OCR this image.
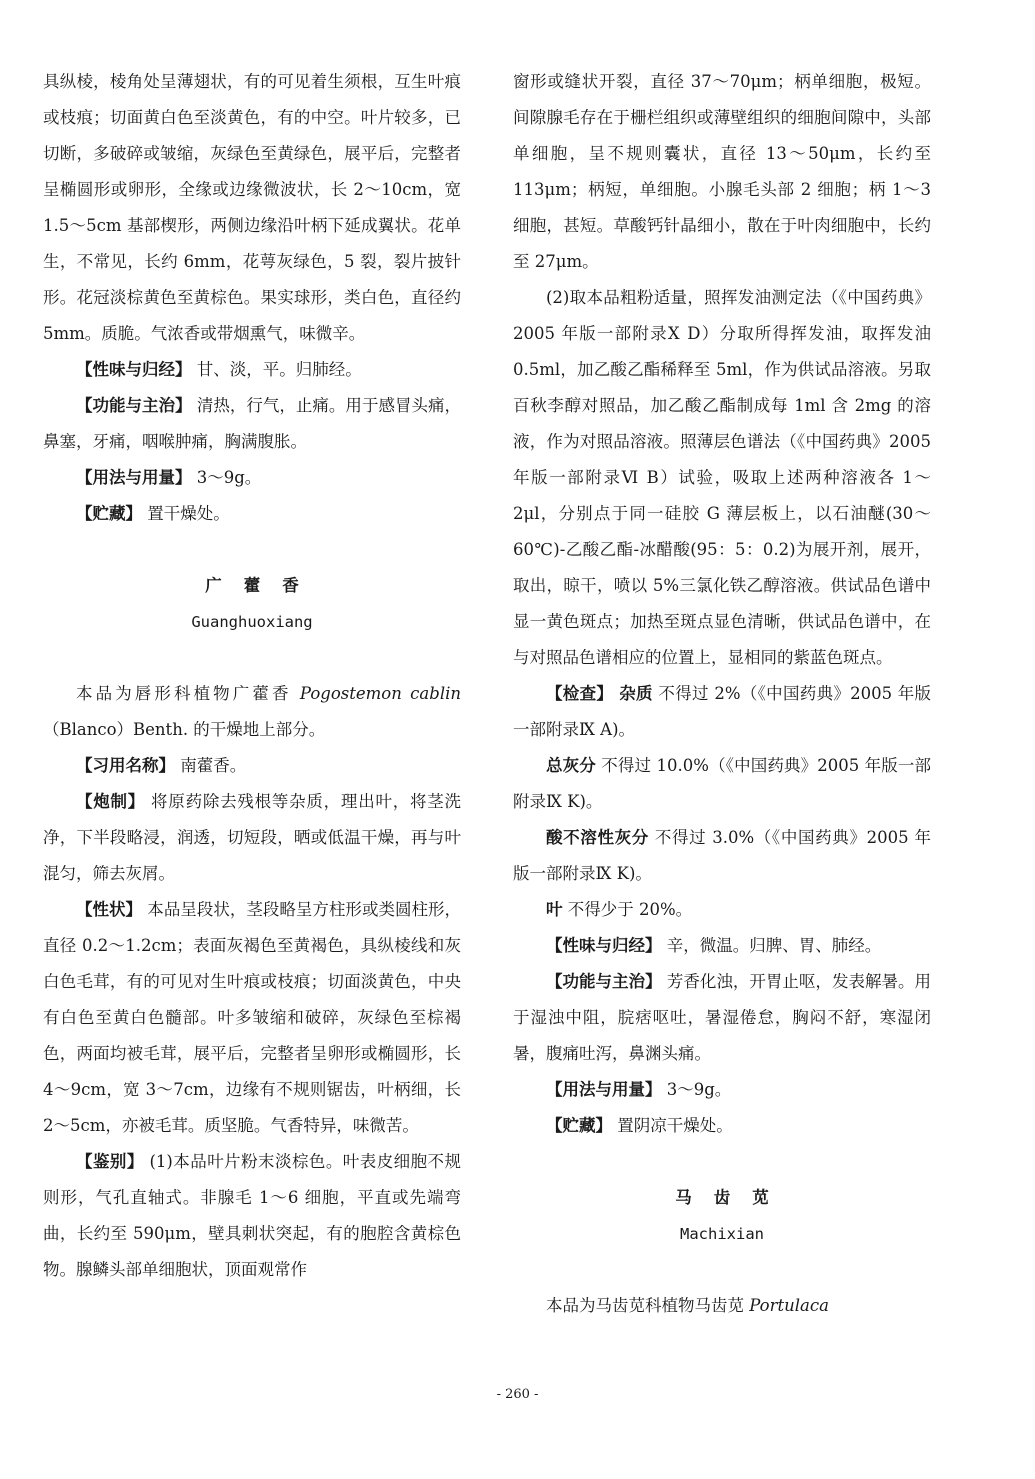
具纵棱，棱角处呈薄翅状，有的可见着生须根，互生叶痕或枝痕；切面黄白色至淡黄色，有的中空。叶片较多，已切断，多破碎或皱缩，灰绿色至黄绿色，展平后，完整者呈椭圆形或卵形，全缘或边缘微波状，长 2～10cm，宽 1.5～5cm 基部楔形，两侧边缘沿叶柄下延成翼状。花单生，不常见，长约 6mm，花萼灰绿色，5 裂，裂片披针形。花冠淡棕黄色至黄棕色。果实球形，类白色，直径约 5mm。质脆。气浓香或带烟熏气，味微辛。

【性味与归经】 甘、淡，平。归肺经。

【功能与主治】 清热，行气，止痛。用于感冒头痛，鼻塞，牙痛，咽喉肿痛，胸满腹胀。

【用法与用量】 3～9g。

【贮藏】 置干燥处。

广藿香

Guanghuoxiang

本品为唇形科植物广藿香 Pogostemon cablin（Blanco）Benth. 的干燥地上部分。

【习用名称】 南藿香。

【炮制】 将原药除去残根等杂质，理出叶，将茎洗净，下半段略浸，润透，切短段，晒或低温干燥，再与叶混匀，筛去灰屑。

【性状】 本品呈段状，茎段略呈方柱形或类圆柱形，直径 0.2～1.2cm；表面灰褐色至黄褐色，具纵棱线和灰白色毛茸，有的可见对生叶痕或枝痕；切面淡黄色，中央有白色至黄白色髓部。叶多皱缩和破碎，灰绿色至棕褐色，两面均被毛茸，展平后，完整者呈卵形或椭圆形，长 4～9cm，宽 3～7cm，边缘有不规则锯齿，叶柄细，长 2～5cm，亦被毛茸。质坚脆。气香特异，味微苦。

【鉴别】 (1)本品叶片粉末淡棕色。叶表皮细胞不规则形，气孔直轴式。非腺毛 1～6 细胞，平直或先端弯曲，长约至 590μm，壁具刺状突起，有的胞腔含黄棕色物。腺鳞头部单细胞状，顶面观常作

窗形或缝状开裂，直径 37～70μm；柄单细胞，极短。间隙腺毛存在于栅栏组织或薄壁组织的细胞间隙中，头部单细胞，呈不规则囊状，直径 13～50μm，长约至 113μm；柄短，单细胞。小腺毛头部 2 细胞；柄 1～3 细胞，甚短。草酸钙针晶细小，散在于叶肉细胞中，长约至 27μm。

(2)取本品粗粉适量，照挥发油测定法（《中国药典》2005 年版一部附录Ⅹ D）分取所得挥发油，取挥发油 0.5ml，加乙酸乙酯稀释至 5ml，作为供试品溶液。另取百秋李醇对照品，加乙酸乙酯制成每 1ml 含 2mg 的溶液，作为对照品溶液。照薄层色谱法（《中国药典》2005 年版一部附录Ⅵ B）试验，吸取上述两种溶液各 1～2μl，分别点于同一硅胶 G 薄层板上，以石油醚(30～60℃)-乙酸乙酯-冰醋酸(95：5：0.2)为展开剂，展开，取出，晾干，喷以 5%三氯化铁乙醇溶液。供试品色谱中显一黄色斑点；加热至斑点显色清晰，供试品色谱中，在与对照品色谱相应的位置上，显相同的紫蓝色斑点。

【检查】 杂质 不得过 2%（《中国药典》2005 年版一部附录Ⅸ A)。

总灰分 不得过 10.0%（《中国药典》2005 年版一部附录Ⅸ K)。

酸不溶性灰分 不得过 3.0%（《中国药典》2005 年版一部附录Ⅸ K)。

叶 不得少于 20%。

【性味与归经】 辛，微温。归脾、胃、肺经。

【功能与主治】 芳香化浊，开胃止呕，发表解暑。用于湿浊中阻，脘痞呕吐，暑湿倦怠，胸闷不舒，寒湿闭暑，腹痛吐泻，鼻渊头痛。

【用法与用量】 3～9g。

【贮藏】 置阴凉干燥处。

马齿苋

Machixian

本品为马齿苋科植物马齿苋 Portulaca

- 260 -
